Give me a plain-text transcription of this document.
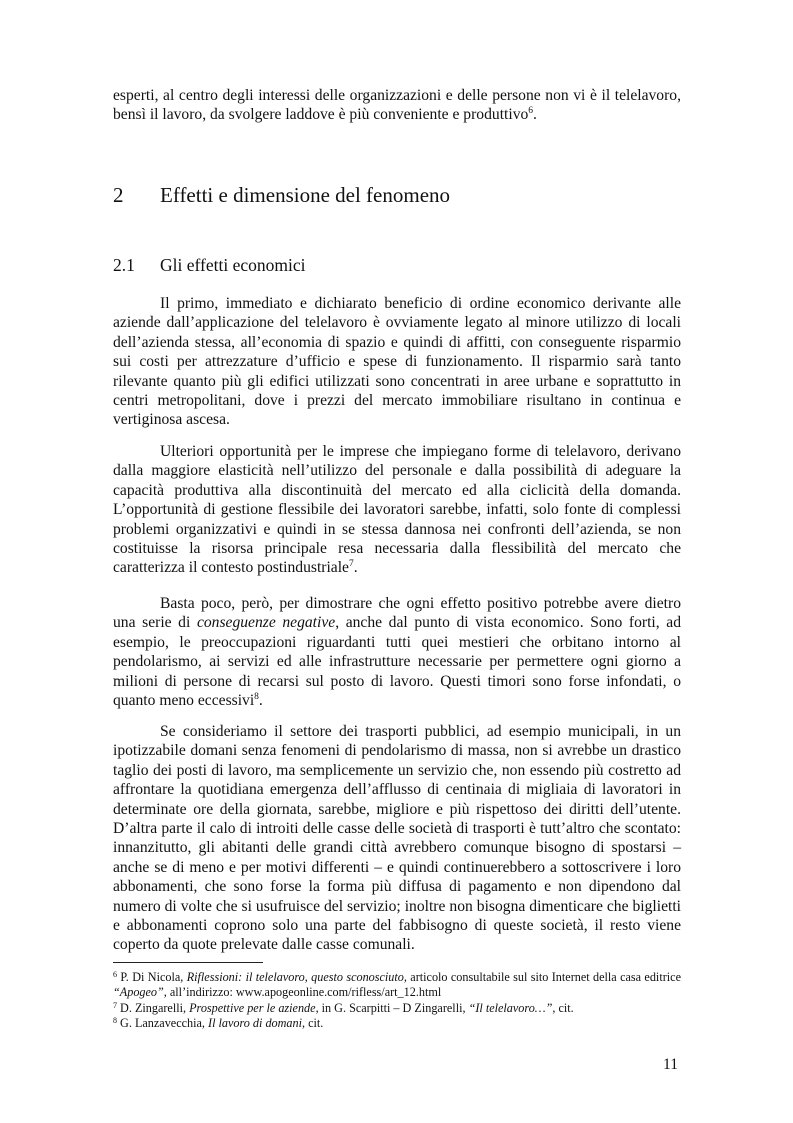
esperti, al centro degli interessi delle organizzazioni e delle persone non vi è il telelavoro, bensì il lavoro, da svolgere laddove è più conveniente e produttivo$^6$.

2 Effetti e dimensione del fenomeno
2.1 Gli effetti economici

Il primo, immediato e dichiarato beneficio di ordine economico derivante alle aziende dall’applicazione del telelavoro è ovviamente legato al minore utilizzo di locali dell’azienda stessa, all’economia di spazio e quindi di affitti, con conseguente risparmio sui costi per attrezzature d’ufficio e spese di funzionamento. Il risparmio sarà tanto rilevante quanto più gli edifici utilizzati sono concentrati in aree urbane e soprattutto in centri metropolitani, dove i prezzi del mercato immobiliare risultano in continua e vertiginosa ascesa.

Ulteriori opportunità per le imprese che impiegano forme di telelavoro, derivano dalla maggiore elasticità nell’utilizzo del personale e dalla possibilità di adeguare la capacità produttiva alla discontinuità del mercato ed alla ciclicità della domanda. L’opportunità di gestione flessibile dei lavoratori sarebbe, infatti, solo fonte di complessi problemi organizzativi e quindi in se stessa dannosa nei confronti dell’azienda, se non costituisse la risorsa principale resa necessaria dalla flessibilità del mercato che caratterizza il contesto postindustriale$^7$.

Basta poco, però, per dimostrare che ogni effetto positivo potrebbe avere dietro una serie di conseguenze negative, anche dal punto di vista economico. Sono forti, ad esempio, le preoccupazioni riguardanti tutti quei mestieri che orbitano intorno al pendolarismo, ai servizi ed alle infrastrutture necessarie per permettere ogni giorno a milioni di persone di recarsi sul posto di lavoro. Questi timori sono forse infondati, o quanto meno eccessivi$^8$.

Se consideriamo il settore dei trasporti pubblici, ad esempio municipali, in un ipotizzabile domani senza fenomeni di pendolarismo di massa, non si avrebbe un drastico taglio dei posti di lavoro, ma semplicemente un servizio che, non essendo più costretto ad affrontare la quotidiana emergenza dell’afflusso di centinaia di migliaia di lavoratori in determinate ore della giornata, sarebbe, migliore e più rispettoso dei diritti dell’utente. D’altra parte il calo di introiti delle casse delle società di trasporti è tutt’altro che scontato: innanzitutto, gli abitanti delle grandi città avrebbero comunque bisogno di spostarsi – anche se di meno e per motivi differenti – e quindi continuerebbero a sottoscrivere i loro abbonamenti, che sono forse la forma più diffusa di pagamento e non dipendono dal numero di volte che si usufruisce del servizio; inoltre non bisogna dimenticare che biglietti e abbonamenti coprono solo una parte del fabbisogno di queste società, il resto viene coperto da quote prelevate dalle casse comunali.

$^6$ P. Di Nicola, Riflessioni: il telelavoro, questo sconosciuto, articolo consultabile sul sito Internet della casa editrice “Apogeo”, all’indirizzo: www.apogeonline.com/rifless/art_12.html

$^7$ D. Zingarelli, Prospettive per le aziende, in G. Scarpitti – D Zingarelli, “Il telelavoro…”, cit.

$^8$ G. Lanzavecchia, Il lavoro di domani, cit.

11
